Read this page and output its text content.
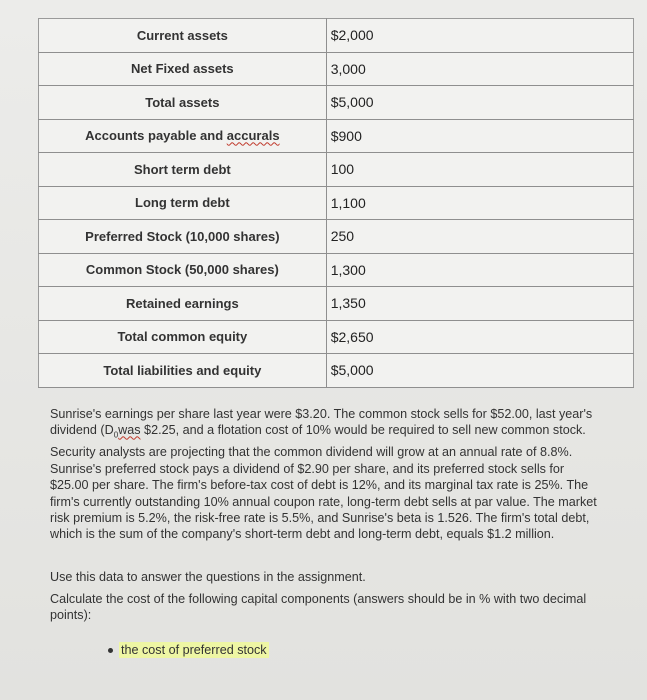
Current assets	$2,000
Net Fixed assets	3,000
Total assets	$5,000
Accounts payable and accurals	$900
Short term debt	100
Long term debt	1,100
Preferred Stock (10,000 shares)	250
Common Stock (50,000 shares)	1,300
Retained earnings	1,350
Total common equity	$2,650
Total liabilities and equity	$5,000
Sunrise's earnings per share last year were $3.20. The common stock sells for $52.00, last year's dividend ($D_0was$ $2.25, and a flotation cost of 10% would be required to sell new common stock. Security analysts are projecting that the common dividend will grow at an annual rate of 8.8%. Sunrise's preferred stock pays a dividend of $2.90 per share, and its preferred stock sells for $25.00 per share. The firm's before-tax cost of debt is 12%, and its marginal tax rate is 25%. The firm's currently outstanding 10% annual coupon rate, long-term debt sells at par value. The market risk premium is 5.2%, the risk-free rate is 5.5%, and Sunrise's beta is 1.526. The firm's total debt, which is the sum of the company's short-term debt and long-term debt, equals $1.2 million.
Use this data to answer the questions in the assignment.
Calculate the cost of the following capital components (answers should be in % with two decimal points):
the cost of preferred stock
